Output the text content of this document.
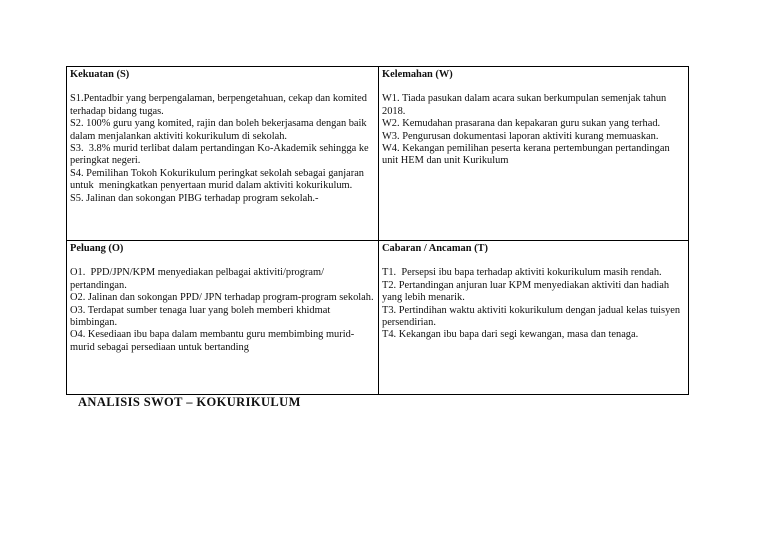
Kekuatan (S)
S1.Pentadbir yang berpengalaman, berpengetahuan, cekap dan komited terhadap bidang tugas.
S2. 100% guru yang komited, rajin dan boleh bekerjasama dengan baik dalam menjalankan aktiviti kokurikulum di sekolah.
S3.  3.8% murid terlibat dalam pertandingan Ko-Akademik sehingga ke peringkat negeri.
S4. Pemilihan Tokoh Kokurikulum peringkat sekolah sebagai ganjaran untuk  meningkatkan penyertaan murid dalam aktiviti kokurikulum.
S5. Jalinan dan sokongan PIBG terhadap program sekolah.-
Kelemahan (W)
W1. Tiada pasukan dalam acara sukan berkumpulan semenjak tahun 2018.
W2. Kemudahan prasarana dan kepakaran guru sukan yang terhad.
W3. Pengurusan dokumentasi laporan aktiviti kurang memuaskan.
W4. Kekangan pemilihan peserta kerana pertembungan pertandingan unit HEM dan unit Kurikulum
Peluang (O)
O1.  PPD/JPN/KPM menyediakan pelbagai aktiviti/program/ pertandingan.
O2. Jalinan dan sokongan PPD/ JPN terhadap program-program sekolah.
O3. Terdapat sumber tenaga luar yang boleh memberi khidmat bimbingan.
O4. Kesediaan ibu bapa dalam membantu guru membimbing murid-murid sebagai persediaan untuk bertanding
Cabaran / Ancaman (T)
T1.  Persepsi ibu bapa terhadap aktiviti kokurikulum masih rendah.
T2. Pertandingan anjuran luar KPM menyediakan aktiviti dan hadiah yang lebih menarik.
T3. Pertindihan waktu aktiviti kokurikulum dengan jadual kelas tuisyen persendirian.
T4. Kekangan ibu bapa dari segi kewangan, masa dan tenaga.
ANALISIS SWOT – KOKURIKULUM
